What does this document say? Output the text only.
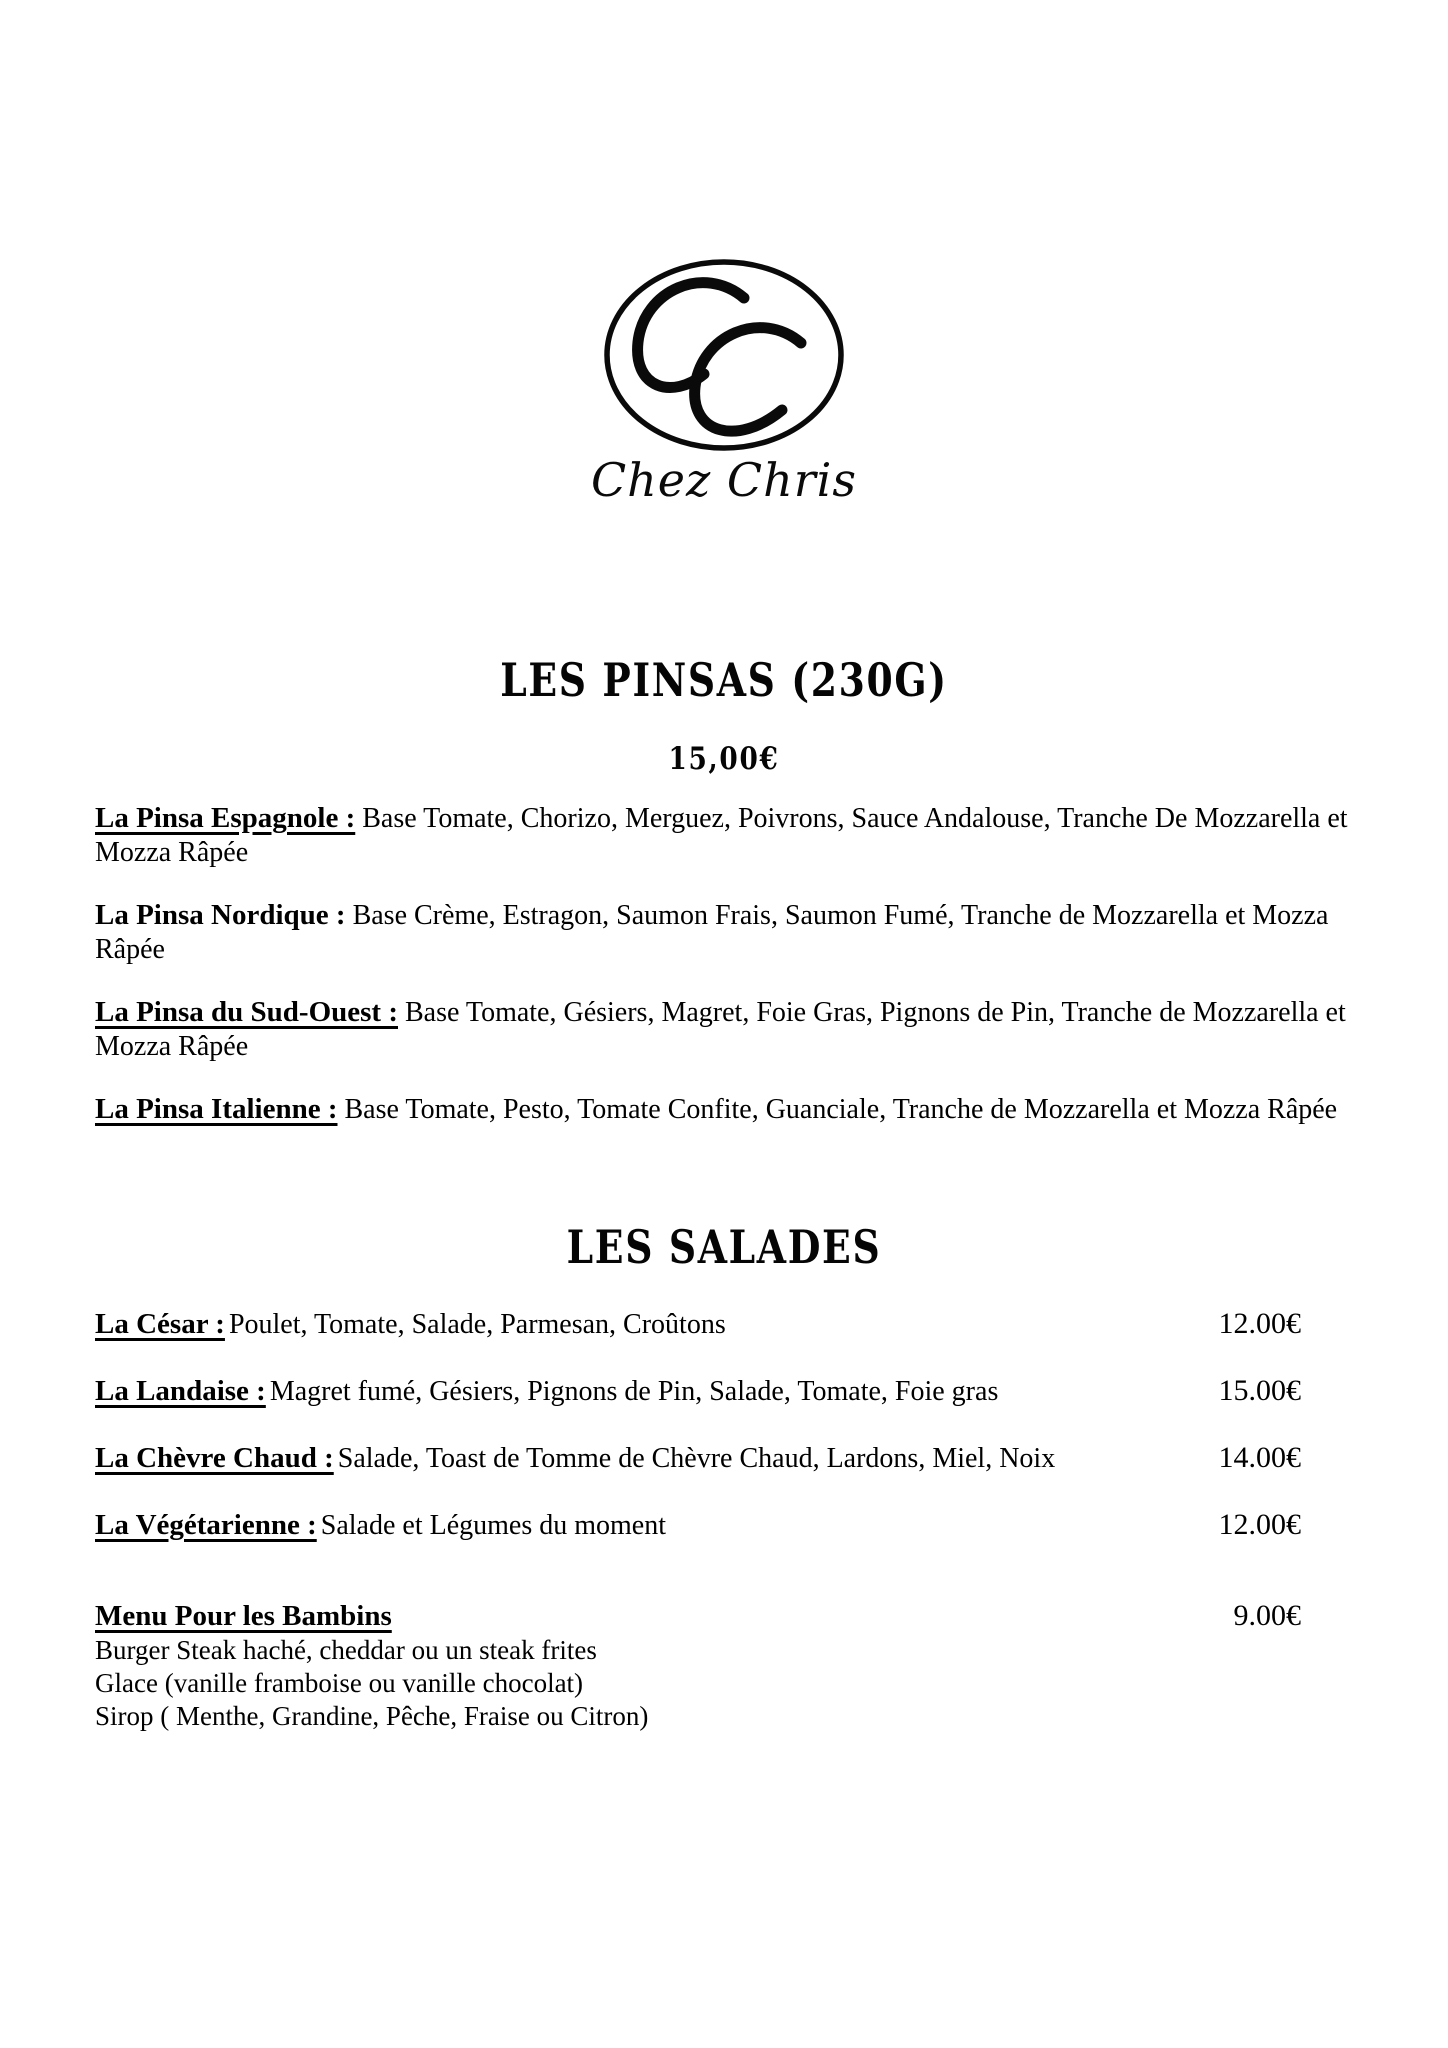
Chez Chris
LES PINSAS (230G)
15,00€

La Pinsa Espagnole : Base Tomate, Chorizo, Merguez, Poivrons, Sauce Andalouse, Tranche De Mozzarella et Mozza Râpée

La Pinsa Nordique : Base Crème, Estragon, Saumon Frais, Saumon Fumé, Tranche de Mozzarella et Mozza Râpée

La Pinsa du Sud-Ouest : Base Tomate, Gésiers, Magret, Foie Gras, Pignons de Pin, Tranche de Mozzarella et Mozza Râpée

La Pinsa Italienne : Base Tomate, Pesto, Tomate Confite, Guanciale, Tranche de Mozzarella et Mozza Râpée

LES SALADES

La César : Poulet, Tomate, Salade, Parmesan, Croûtons	12.00€

La Landaise : Magret fumé, Gésiers, Pignons de Pin, Salade, Tomate, Foie gras	15.00€

La Chèvre Chaud : Salade, Toast de Tomme de Chèvre Chaud, Lardons, Miel, Noix	14.00€

La Végétarienne : Salade et Légumes du moment	12.00€
Menu Pour les Bambins	9.00€
Burger Steak haché, cheddar ou un steak frites
Glace (vanille framboise ou vanille chocolat)
Sirop ( Menthe, Grandine, Pêche, Fraise ou Citron)
